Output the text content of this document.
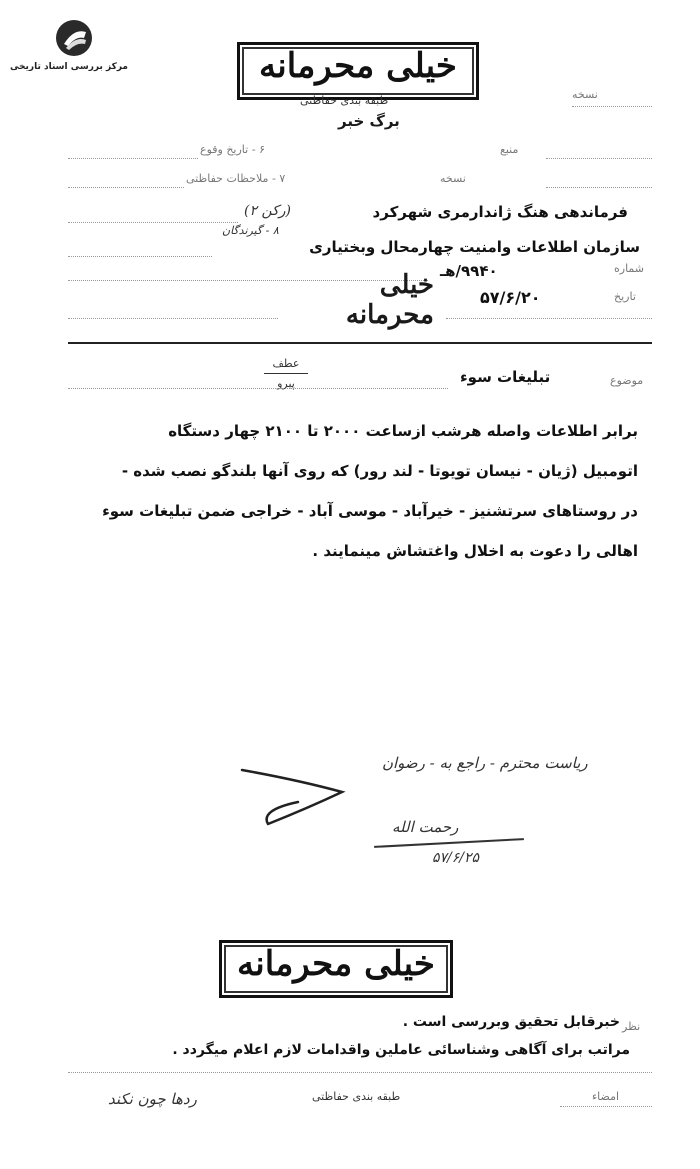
مرکز بررسی اسناد تاریخی	خیلی محرمانه
طبقه بندی حفاظتی
برگ خبر
نسخه
۶ - تاریخ وقوع	منبع
۷ - ملاحظات حفاظتی	نسخه
فرماندهی هنگ ژاندارمری شهرکرد
(رکن ۲)
۸ - گیرندگان
سازمان اطلاعات وامنیت چهارمحال وبختیاری
شماره
۹۹۴۰/هـ
تاریخ
۵۷/۶/۲۰
خیلی محرمانه
عطف
پیرو	موضوع
تبلیغات سوء
برابر اطلاعات واصله هرشب ازساعت ۲۰۰۰ تا ۲۱۰۰ چهار دستگاه
اتومبیل (ژیان - نیسان تویوتا - لند رور) که روی آنها بلندگو نصب شده -
در روستاهای سرتشنیز - خیرآباد - موسی آباد - خراجی ضمن تبلیغات سوء
اهالی را دعوت به اخلال واغتشاش مینمایند .
ریاست محترم - راجع به - رضوان
رحمت الله
۵۷/۶/۲۵
خیلی محرمانه
نظر
خبرقابل تحقیق وبررسی است .
مراتب برای آگاهی وشناسائی عاملین واقدامات لازم اعلام میگردد .
ردها چون نکند	طبقه بندی حفاظتی	امضاء
